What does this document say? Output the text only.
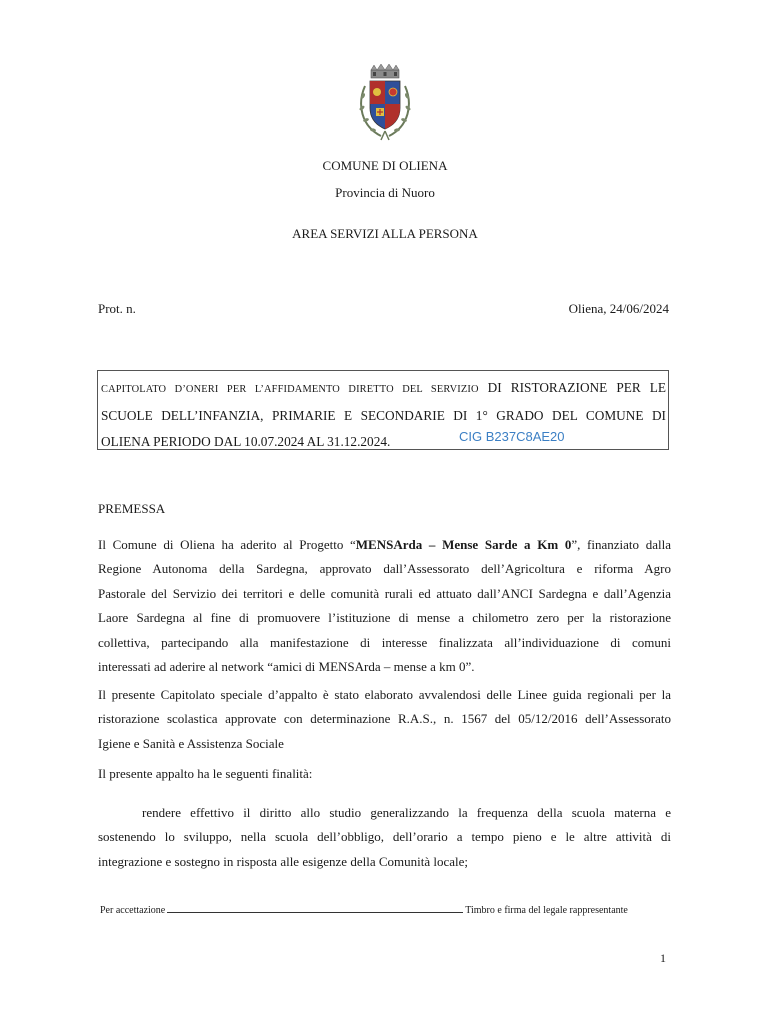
COMUNE DI OLIENA
Provincia di Nuoro
AREA SERVIZI ALLA PERSONA
Prot. n.	Oliena, 24/06/2024
CAPITOLATO D’ONERI PER L’AFFIDAMENTO DIRETTO DEL SERVIZIO DI RISTORAZIONE PER LE
SCUOLE DELL’INFANZIA, PRIMARIE E SECONDARIE DI 1° GRADO DEL COMUNE DI
OLIENA PERIODO DAL 10.07.2024 AL 31.12.2024.	CIG B237C8AE20
PREMESSA
Il Comune di Oliena ha aderito al Progetto “MENSArda – Mense Sarde a Km 0”, finanziato dalla
Regione Autonoma della Sardegna, approvato dall’Assessorato dell’Agricoltura e riforma Agro
Pastorale del Servizio dei territori e delle comunità rurali ed attuato dall’ANCI Sardegna e dall’Agenzia
Laore Sardegna al fine di promuovere l’istituzione di mense a chilometro zero per la ristorazione
collettiva, partecipando alla manifestazione di interesse finalizzata all’individuazione di comuni
interessati ad aderire al network “amici di MENSArda – mense a km 0”.
Il presente Capitolato speciale d’appalto è stato elaborato avvalendosi delle Linee guida regionali per la
ristorazione scolastica approvate con determinazione R.A.S., n. 1567 del 05/12/2016 dell’Assessorato
Igiene e Sanità e Assistenza Sociale
Il presente appalto ha le seguenti finalità:
rendere effettivo il diritto allo studio generalizzando la frequenza della scuola materna e
sostenendo lo sviluppo, nella scuola dell’obbligo, dell’orario a tempo pieno e le altre attività di
integrazione e sostegno in risposta alle esigenze della Comunità locale;
Per accettazione	Timbro e firma del legale rappresentante
1
